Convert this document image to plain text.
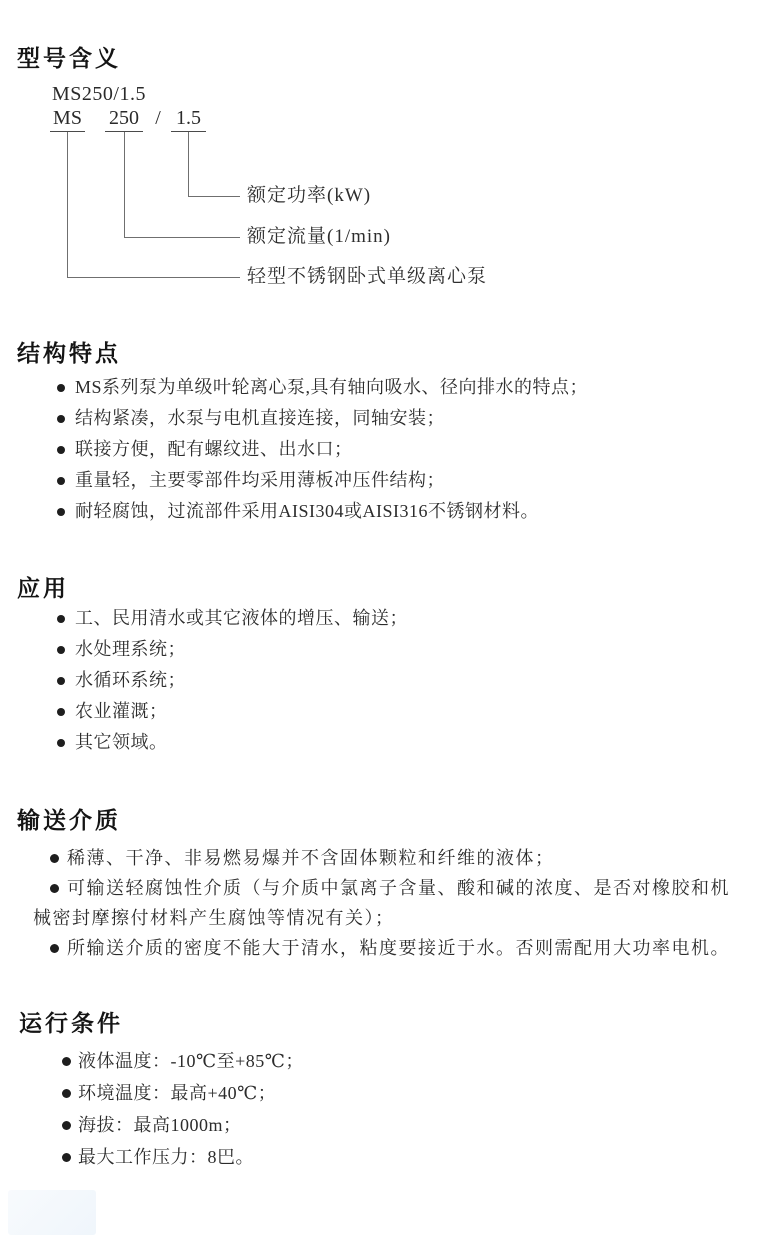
型号含义
MS250/1.5
MS 250 / 1.5
额定功率(kW)
额定流量(1/min)
轻型不锈钢卧式单级离心泵
结构特点
MS系列泵为单级叶轮离心泵,具有轴向吸水、径向排水的特点；
结构紧凑，水泵与电机直接连接，同轴安装；
联接方便，配有螺纹进、出水口；
重量轻，主要零部件均采用薄板冲压件结构；
耐轻腐蚀，过流部件采用AISI304或AISI316不锈钢材料。
应用
工、民用清水或其它液体的增压、输送；
水处理系统；
水循环系统；
农业灌溉；
其它领域。
输送介质
稀薄、干净、非易燃易爆并不含固体颗粒和纤维的液体；
可输送轻腐蚀性介质（与介质中氯离子含量、酸和碱的浓度、是否对橡胶和机械密封摩擦付材料产生腐蚀等情况有关）；
所输送介质的密度不能大于清水，粘度要接近于水。否则需配用大功率电机。
运行条件
液体温度：-10℃至+85℃；
环境温度：最高+40℃；
海拔：最高1000m；
最大工作压力：8巴。
